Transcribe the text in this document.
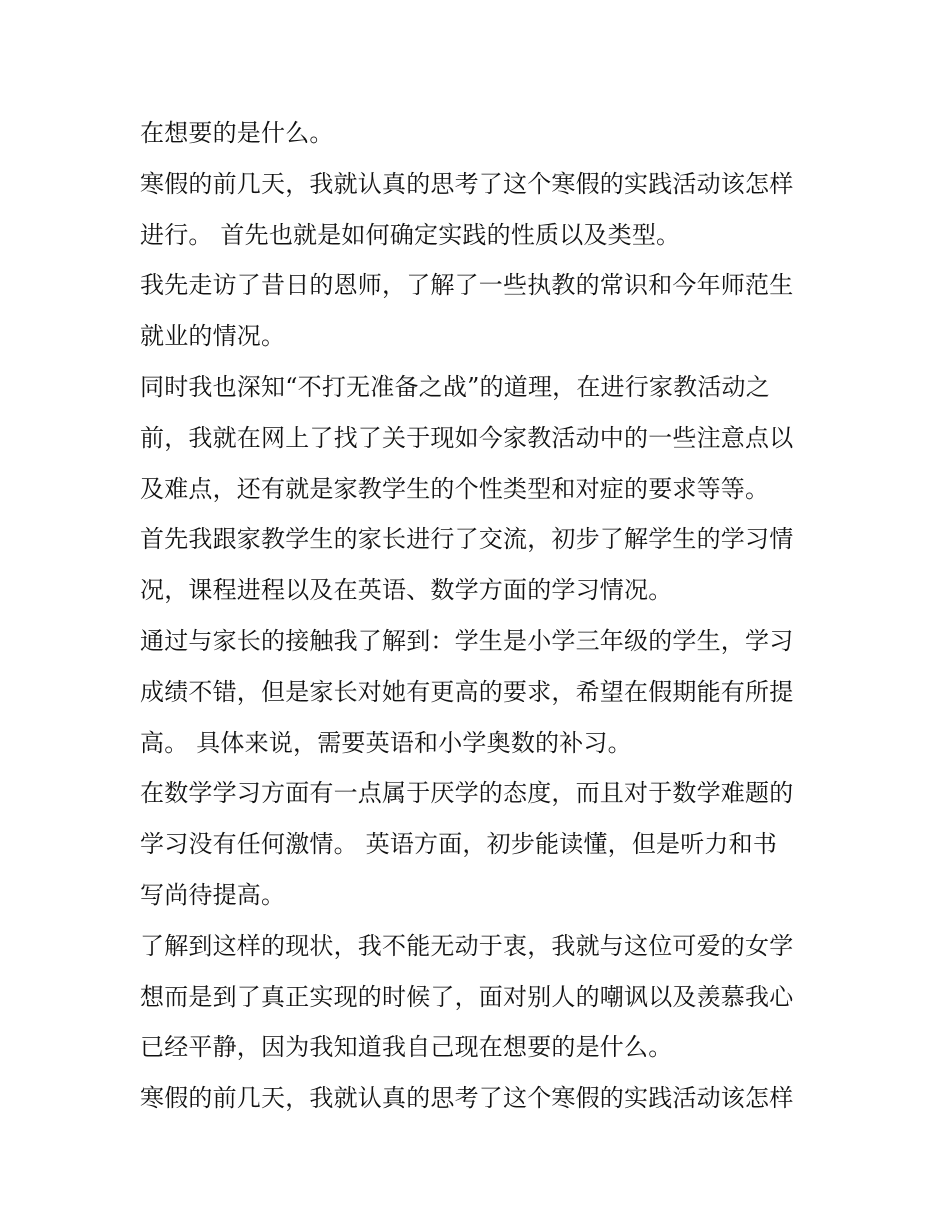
在想要的是什么。
寒假的前几天，我就认真的思考了这个寒假的实践活动该怎样
进行。 首先也就是如何确定实践的性质以及类型。
我先走访了昔日的恩师，了解了一些执教的常识和今年师范生
就业的情况。
同时我也深知“不打无准备之战”的道理，在进行家教活动之
前，我就在网上了找了关于现如今家教活动中的一些注意点以
及难点，还有就是家教学生的个性类型和对症的要求等等。
首先我跟家教学生的家长进行了交流，初步了解学生的学习情
况，课程进程以及在英语、数学方面的学习情况。
通过与家长的接触我了解到：学生是小学三年级的学生，学习
成绩不错，但是家长对她有更高的要求，希望在假期能有所提
高。 具体来说，需要英语和小学奥数的补习。
在数学学习方面有一点属于厌学的态度，而且对于数学难题的
学习没有任何激情。 英语方面，初步能读懂，但是听力和书
写尚待提高。
了解到这样的现状，我不能无动于衷，我就与这位可爱的女学
想而是到了真正实现的时候了，面对别人的嘲讽以及羡慕我心
已经平静，因为我知道我自己现在想要的是什么。
寒假的前几天，我就认真的思考了这个寒假的实践活动该怎样
